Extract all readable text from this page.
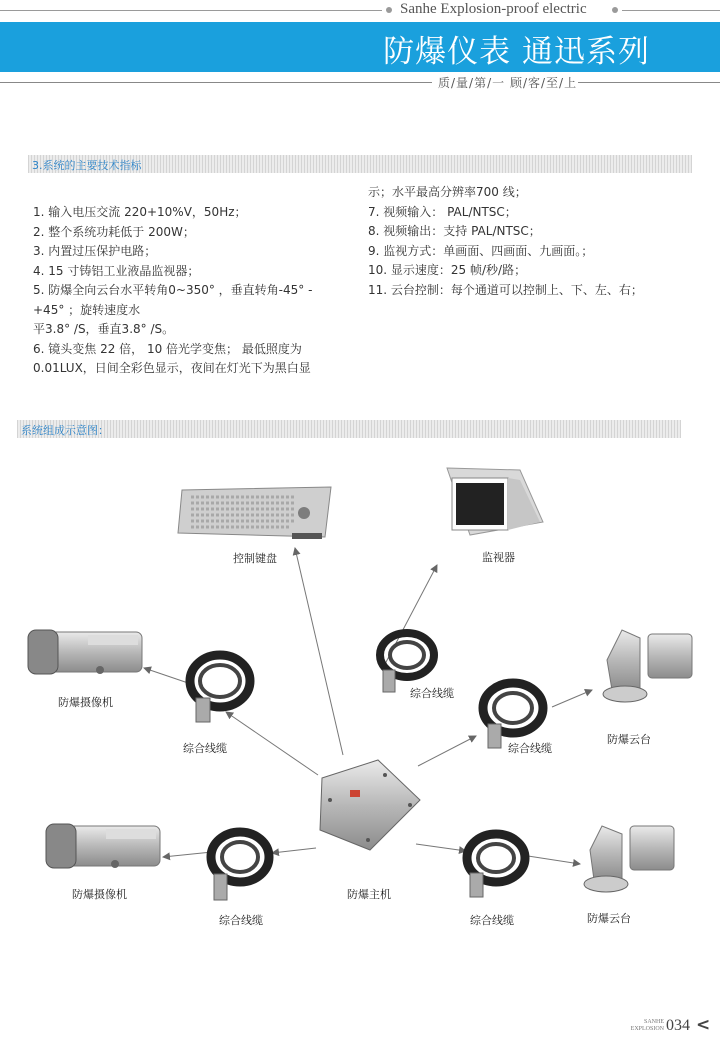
Sanhe Explosion-proof electric
防爆仪表 通迅系列
质/量/第/一 顾/客/至/上
3.系统的主要技术指标
1. 输入电压交流 220+10%V，50Hz；
2. 整个系统功耗低于 200W；
3. 内置过压保护电路；
4. 15 寸铸铝工业液晶监视器；
5. 防爆全向云台水平转角0~350° ，垂直转角-45° -
+45° ；旋转速度水
平3.8° /S，垂直3.8° /S。
6. 镜头变焦 22 倍， 10 倍光学变焦； 最低照度为
0.01LUX，日间全彩色显示，夜间在灯光下为黑白显
示；水平最高分辨率700 线；
7. 视频输入： PAL/NTSC；
8. 视频输出：支持 PAL/NTSC；
9. 监视方式：单画面、四画面、九画面。；
10. 显示速度：25 帧/秒/路；
11. 云台控制：每个通道可以控制上、下、左、右；
系统组成示意图：
控制键盘	监视器
防爆摄像机
综合线缆
综合线缆
综合线缆
防爆云台
防爆主机
防爆摄像机
综合线缆	综合线缆	防爆云台
SANHE
EXPLOSION 034 <
